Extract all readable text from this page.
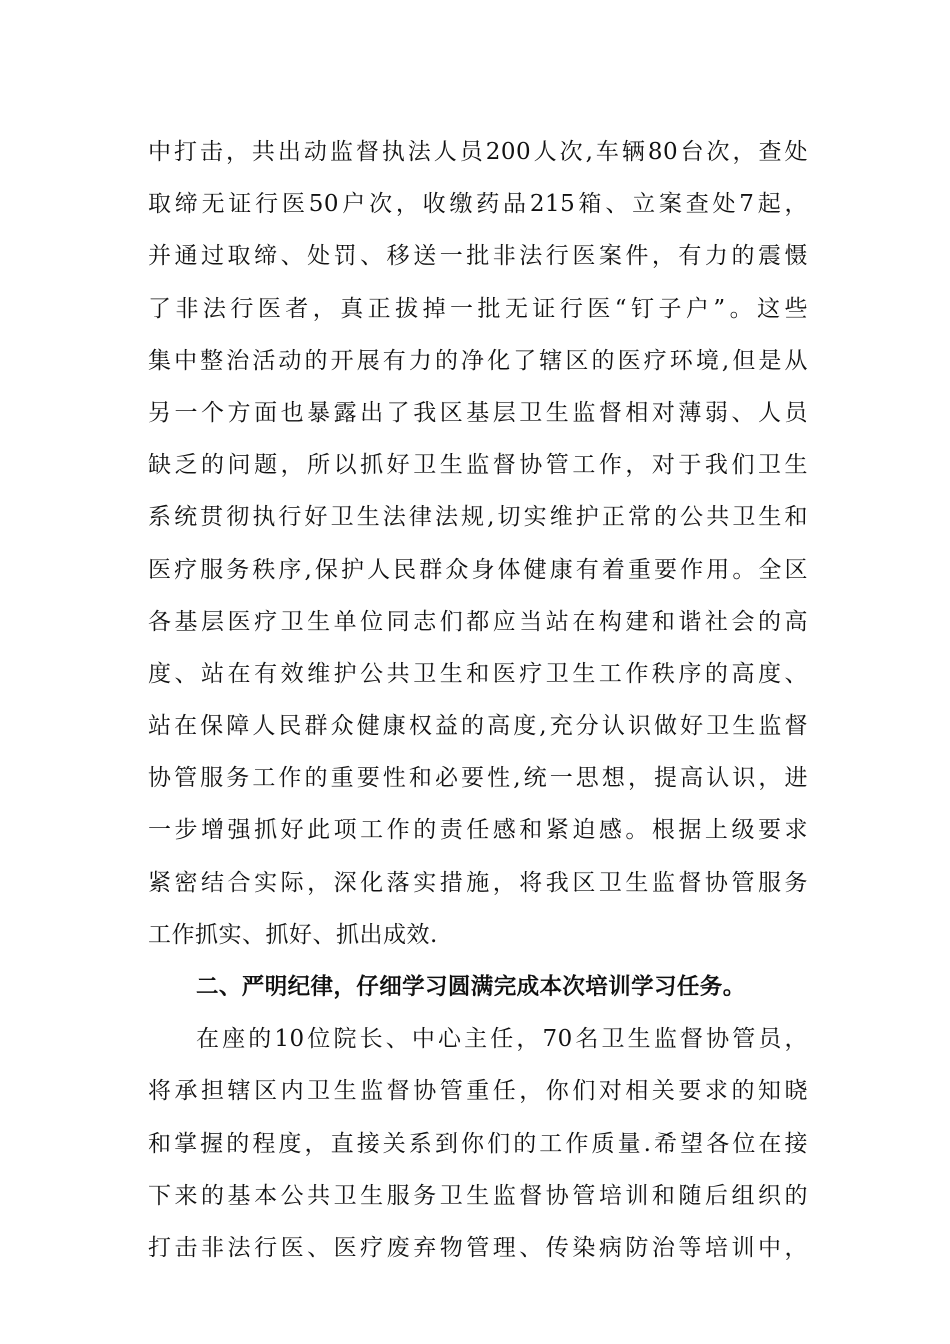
中打击，共出动监督执法人员200人次,车辆80台次，查处
取缔无证行医50户次，收缴药品215箱、立案查处7起，
并通过取缔、处罚、移送一批非法行医案件，有力的震慑
了非法行医者，真正拔掉一批无证行医“钉子户”。这些
集中整治活动的开展有力的净化了辖区的医疗环境,但是从
另一个方面也暴露出了我区基层卫生监督相对薄弱、人员
缺乏的问题，所以抓好卫生监督协管工作，对于我们卫生
系统贯彻执行好卫生法律法规,切实维护正常的公共卫生和
医疗服务秩序,保护人民群众身体健康有着重要作用。全区
各基层医疗卫生单位同志们都应当站在构建和谐社会的高
度、站在有效维护公共卫生和医疗卫生工作秩序的高度、
站在保障人民群众健康权益的高度,充分认识做好卫生监督
协管服务工作的重要性和必要性,统一思想，提高认识，进
一步增强抓好此项工作的责任感和紧迫感。根据上级要求
紧密结合实际，深化落实措施，将我区卫生监督协管服务
工作抓实、抓好、抓出成效.
二、严明纪律，仔细学习圆满完成本次培训学习任务。
在座的10位院长、中心主任，70名卫生监督协管员，
将承担辖区内卫生监督协管重任，你们对相关要求的知晓
和掌握的程度，直接关系到你们的工作质量.希望各位在接
下来的基本公共卫生服务卫生监督协管培训和随后组织的
打击非法行医、医疗废弃物管理、传染病防治等培训中，
